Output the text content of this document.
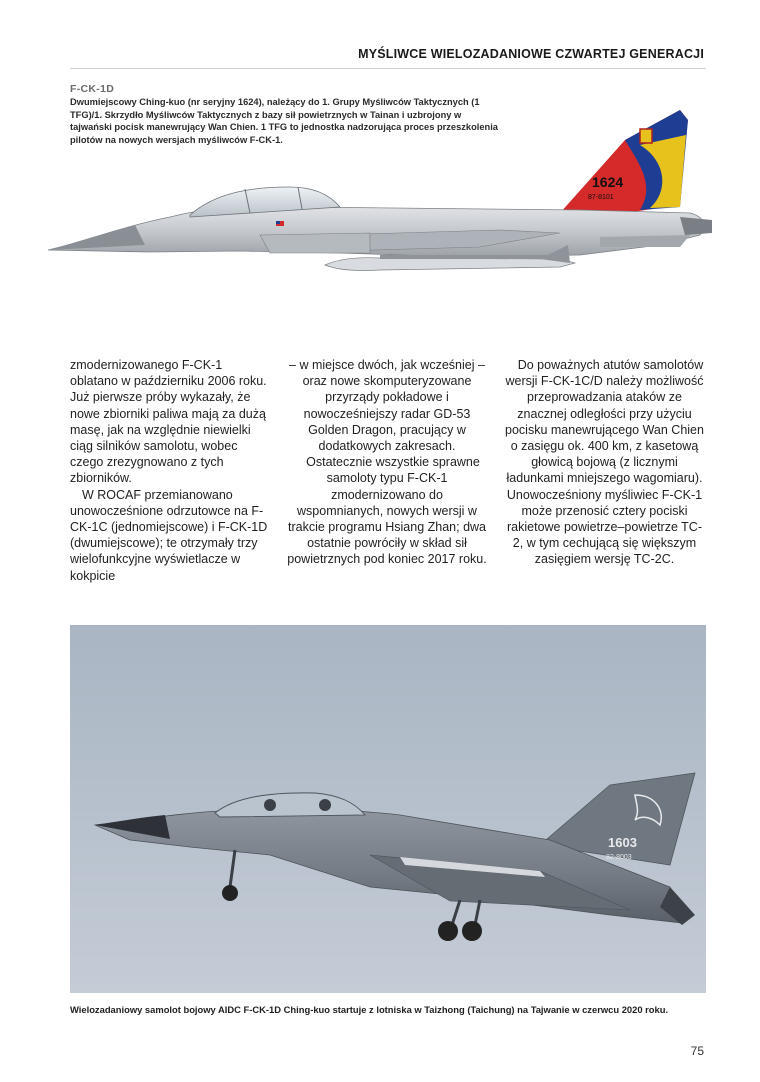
MYŚLIWCE WIELOZADANIOWE CZWARTEJ GENERACJI
F-CK-1D
Dwumiejscowy Ching-kuo (nr seryjny 1624), należący do 1. Grupy Myśliwców Taktycznych (1 TFG)/1. Skrzydło Myśliwców Taktycznych z bazy sił powietrznych w Tainan i uzbrojony w tajwański pocisk manewrujący Wan Chien. 1 TFG to jednostka nadzorująca proces przeszkolenia pilotów na nowych wersjach myśliwców F-CK-1.
1624
87-8101

zmodernizowanego F-CK-1 oblatano w październiku 2006 roku. Już pierwsze próby wykazały, że nowe zbiorniki paliwa mają za dużą masę, jak na względnie niewielki ciąg silników samolotu, wobec czego zrezygnowano z tych zbiorników.

W ROCAF przemianowano unowocześnione odrzutowce na F-CK-1C (jednomiejscowe) i F-CK-1D (dwumiejscowe); te otrzymały trzy wielofunkcyjne wyświetlacze w kokpicie

– w miejsce dwóch, jak wcześniej – oraz nowe skomputeryzowane przyrządy pokładowe i nowocześniejszy radar GD-53 Golden Dragon, pracujący w dodatkowych zakresach.

Ostatecznie wszystkie sprawne samoloty typu F-CK-1 zmodernizowano do wspomnianych, nowych wersji w trakcie programu Hsiang Zhan; dwa ostatnie powróciły w skład sił powietrznych pod koniec 2017 roku.

Do poważnych atutów samolotów wersji F-CK-1C/D należy możliwość przeprowadzania ataków ze znacznej odległości przy użyciu pocisku manewrującego Wan Chien o zasięgu ok. 400 km, z kasetową głowicą bojową (z licznymi ładunkami mniejszego wagomiaru). Unowocześniony myśliwiec F-CK-1 może przenosić cztery pociski rakietowe powietrze–powietrze TC-2, w tym cechującą się większym zasięgiem wersję TC-2C.

1603
82-8003
Wielozadaniowy samolot bojowy AIDC F-CK-1D Ching-kuo startuje z lotniska w Taizhong (Taichung) na Tajwanie w czerwcu 2020 roku.
75
